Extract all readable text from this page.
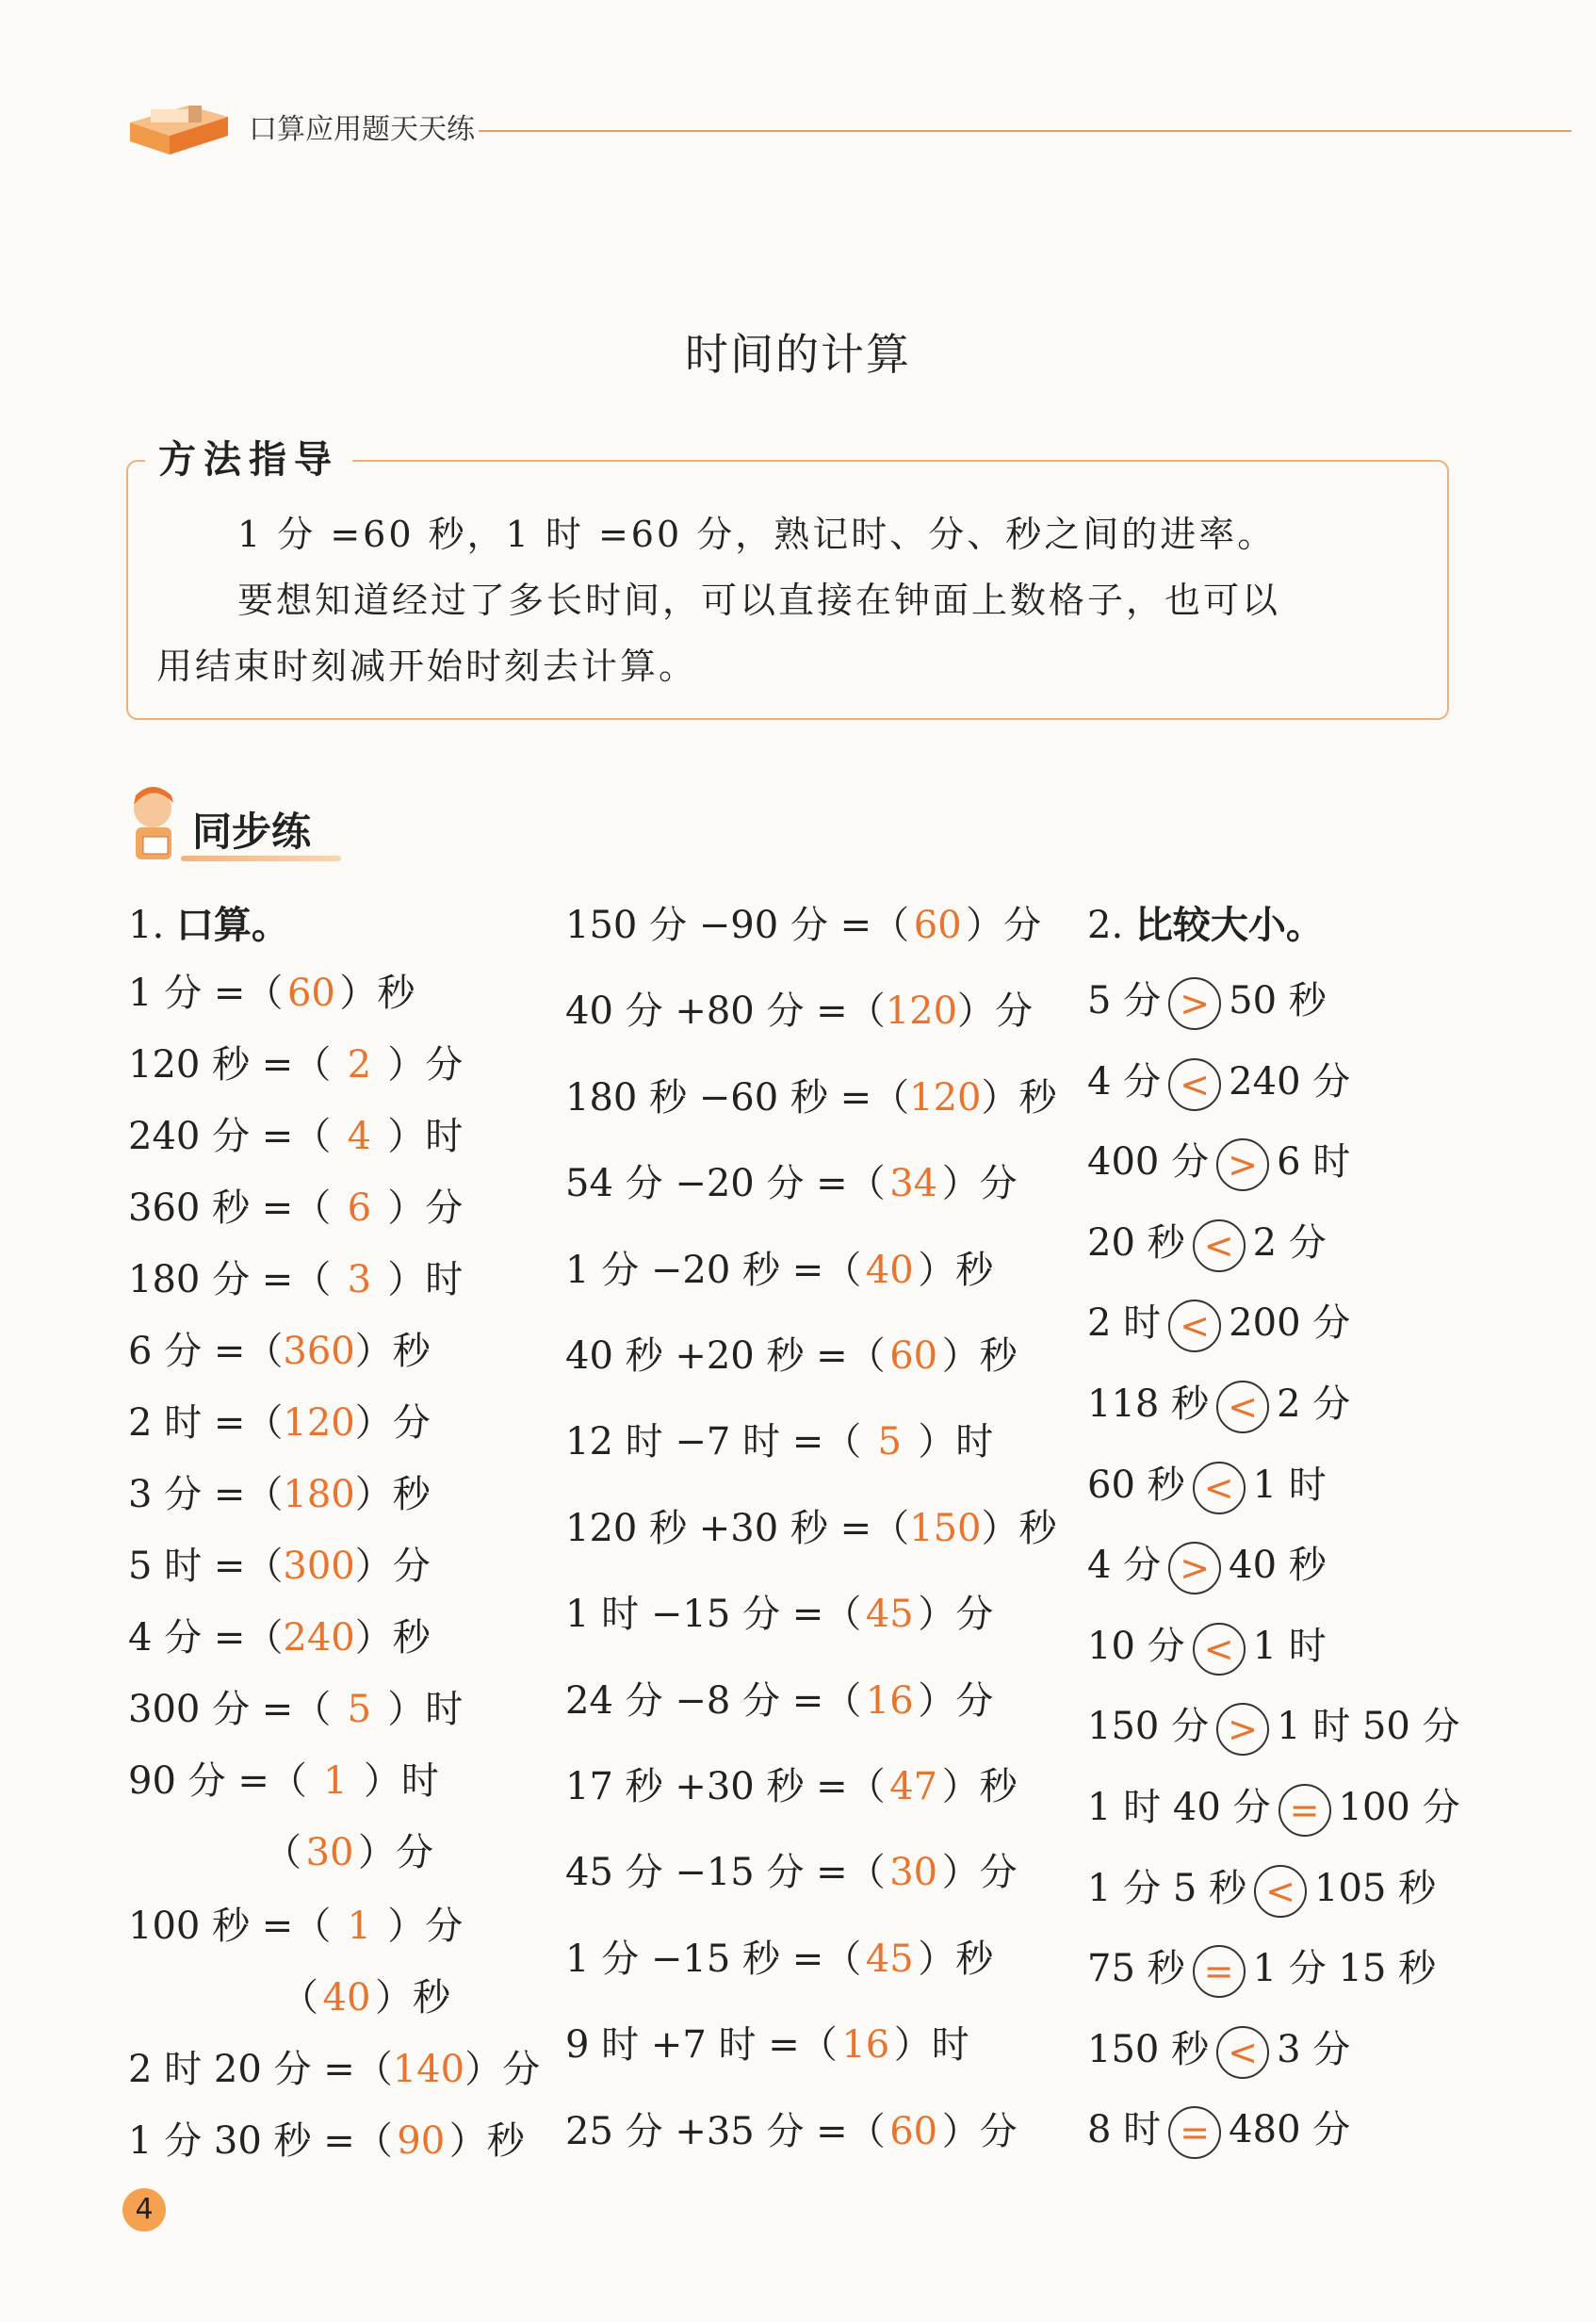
口算应用题天天练
时间的计算
方法指导
1 分 =60 秒，1 时 =60 分，熟记时、分、秒之间的进率。
要想知道经过了多长时间，可以直接在钟面上数格子，也可以
用结束时刻减开始时刻去计算。
同步练
1. 口算。
1 分 =（ 60 ）秒
120 秒 =（ 2 ）分
240 分 =（ 4 ）时
360 秒 =（ 6 ）分
180 分 =（ 3 ）时
6 分 =（360）秒
2 时 =（120）分
3 分 =（180）秒
5 时 =（300）分
4 分 =（240）秒
300 分 =（ 5 ）时
90 分 =（ 1 ）时
（ 30 ）分
100 秒 =（ 1 ）分
（ 40 ）秒
2 时 20 分 =（140）分
1 分 30 秒 =（ 90 ）秒
150 分 −90 分 =（ 60 ）分
40 分 +80 分 =（120）分
180 秒 −60 秒 =（120）秒
54 分 −20 分 =（ 34 ）分
1 分 −20 秒 =（ 40 ）秒
40 秒 +20 秒 =（ 60 ）秒
12 时 −7 时 =（ 5 ）时
120 秒 +30 秒 =（150）秒
1 时 −15 分 =（ 45 ）分
24 分 −8 分 =（ 16 ）分
17 秒 +30 秒 =（ 47 ）秒
45 分 −15 分 =（ 30 ）分
1 分 −15 秒 =（ 45 ）秒
9 时 +7 时 =（ 16 ）时
25 分 +35 分 =（ 60 ）分
2. 比较大小。
5 分 > 50 秒
4 分 < 240 分
400 分 > 6 时
20 秒 < 2 分
2 时 < 200 分
118 秒 < 2 分
60 秒 < 1 时
4 分 > 40 秒
10 分 < 1 时
150 分 > 1 时 50 分
1 时 40 分 = 100 分
1 分 5 秒 < 105 秒
75 秒 = 1 分 15 秒
150 秒 < 3 分
8 时 = 480 分
4
